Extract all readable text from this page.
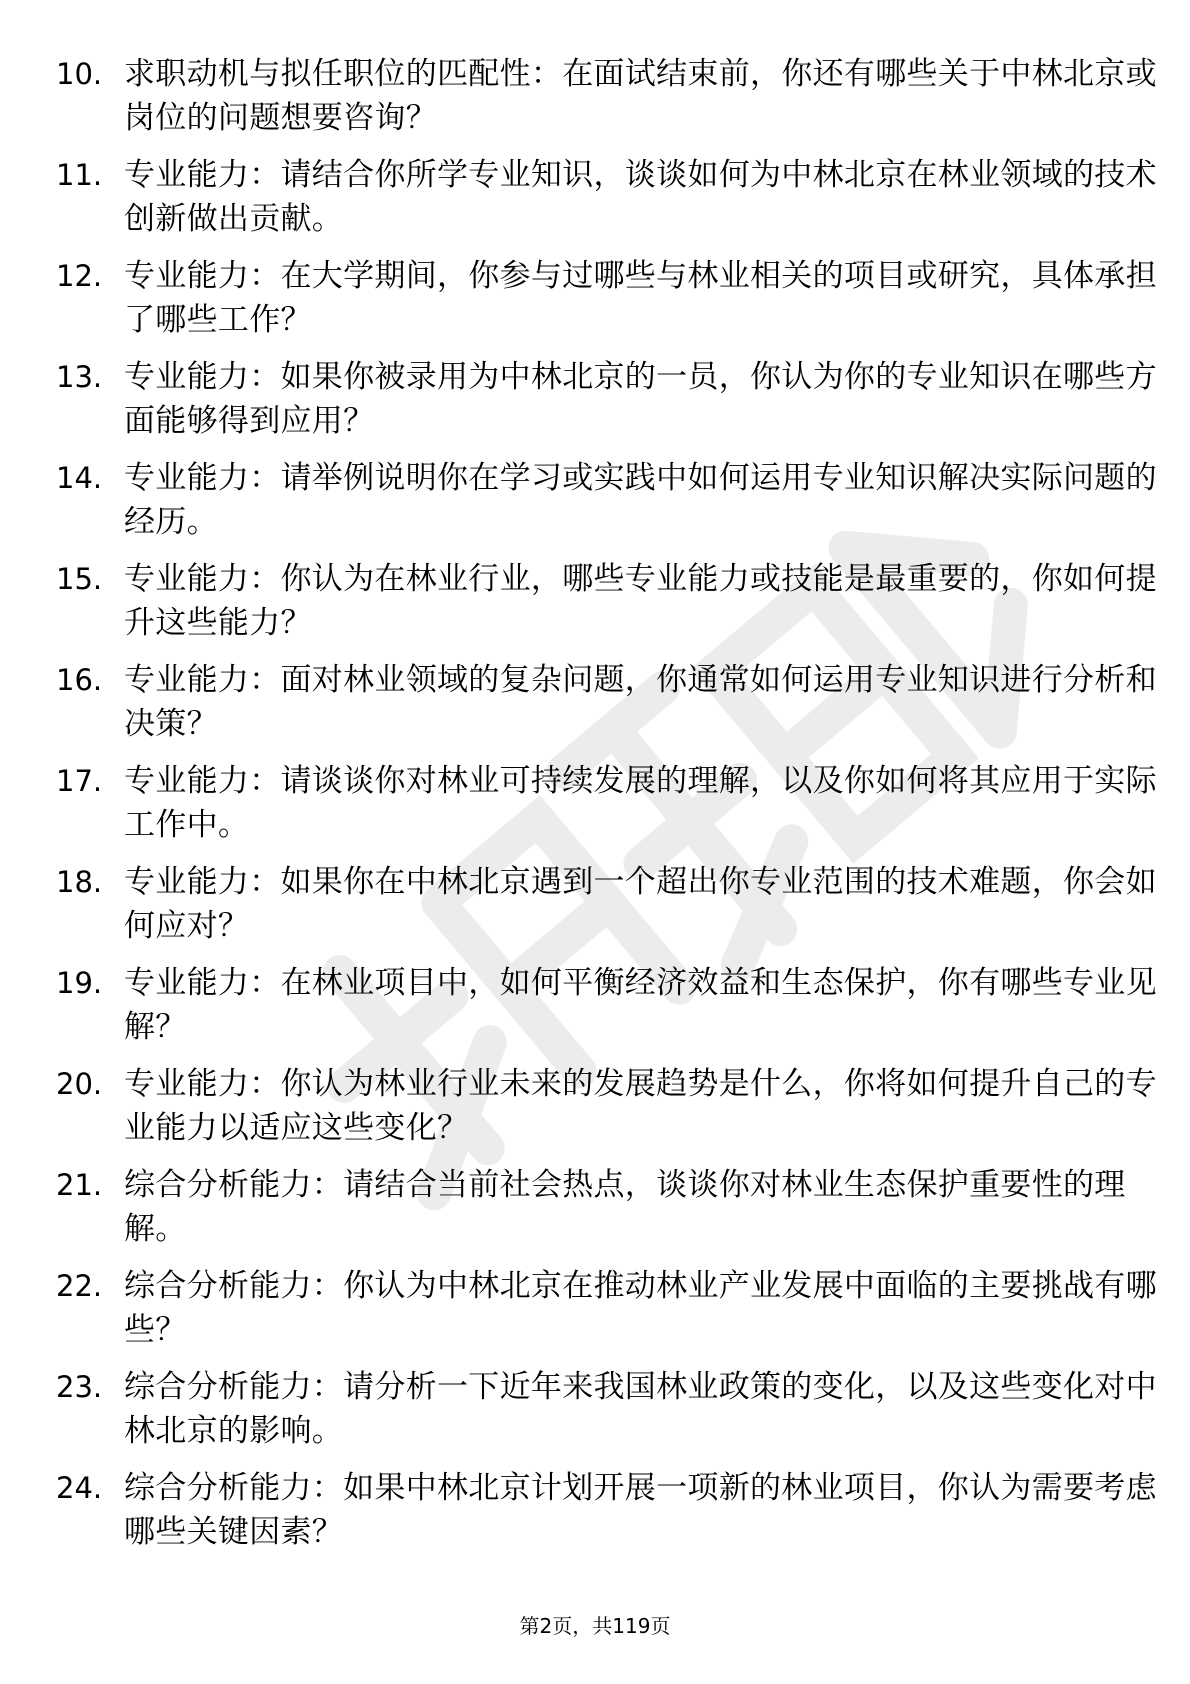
10. 求职动机与拟任职位的匹配性：在面试结束前，你还有哪些关于中林北京或岗位的问题想要咨询？
11. 专业能力：请结合你所学专业知识，谈谈如何为中林北京在林业领域的技术创新做出贡献。
12. 专业能力：在大学期间，你参与过哪些与林业相关的项目或研究，具体承担了哪些工作？
13. 专业能力：如果你被录用为中林北京的一员，你认为你的专业知识在哪些方面能够得到应用？
14. 专业能力：请举例说明你在学习或实践中如何运用专业知识解决实际问题的经历。
15. 专业能力：你认为在林业行业，哪些专业能力或技能是最重要的，你如何提升这些能力？
16. 专业能力：面对林业领域的复杂问题，你通常如何运用专业知识进行分析和决策？
17. 专业能力：请谈谈你对林业可持续发展的理解，以及你如何将其应用于实际工作中。
18. 专业能力：如果你在中林北京遇到一个超出你专业范围的技术难题，你会如何应对？
19. 专业能力：在林业项目中，如何平衡经济效益和生态保护，你有哪些专业见解？
20. 专业能力：你认为林业行业未来的发展趋势是什么，你将如何提升自己的专业能力以适应这些变化？
21. 综合分析能力：请结合当前社会热点，谈谈你对林业生态保护重要性的理解。
22. 综合分析能力：你认为中林北京在推动林业产业发展中面临的主要挑战有哪些？
23. 综合分析能力：请分析一下近年来我国林业政策的变化，以及这些变化对中林北京的影响。
24. 综合分析能力：如果中林北京计划开展一项新的林业项目，你认为需要考虑哪些关键因素？
第2页，共119页
